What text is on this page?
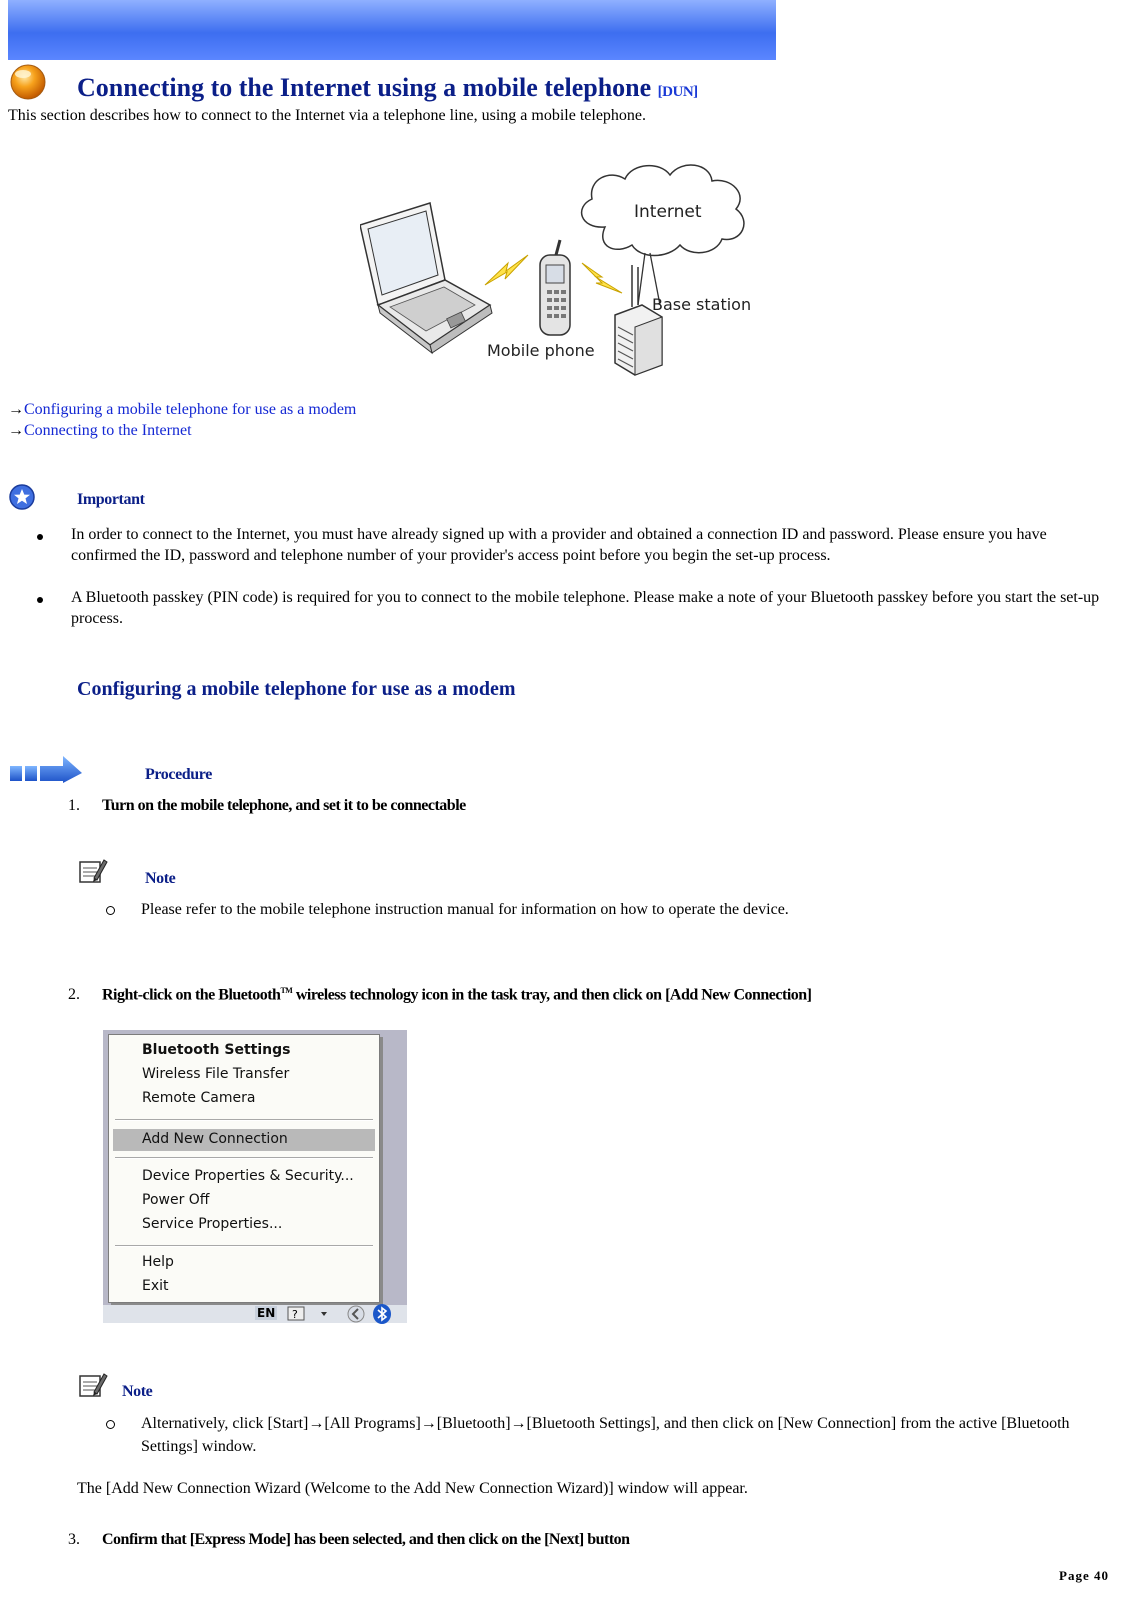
Connecting to the Internet using a mobile telephone [DUN]
This section describes how to connect to the Internet via a telephone line, using a mobile telephone.
Internet
Base station
Mobile phone
→Configuring a mobile telephone for use as a modem
→Connecting to the Internet
Important
In order to connect to the Internet, you must have already signed up with a provider and obtained a connection ID and password. Please ensure you have confirmed the ID, password and telephone number of your provider's access point before you begin the set-up process.
A Bluetooth passkey (PIN code) is required for you to connect to the mobile telephone. Please make a note of your Bluetooth passkey before you start the set-up process.
Configuring a mobile telephone for use as a modem
Procedure
1. Turn on the mobile telephone, and set it to be connectable
Note
Please refer to the mobile telephone instruction manual for information on how to operate the device.
2. Right-click on the Bluetooth™ wireless technology icon in the task tray, and then click on [Add New Connection]
Bluetooth Settings
Wireless File Transfer
Remote Camera
Add New Connection
Device Properties & Security...
Power Off
Service Properties...
Help
Exit
EN ?
Note
Alternatively, click [Start]→[All Programs]→[Bluetooth]→[Bluetooth Settings], and then click on [New Connection] from the active [Bluetooth Settings] window.
The [Add New Connection Wizard (Welcome to the Add New Connection Wizard)] window will appear.
3. Confirm that [Express Mode] has been selected, and then click on the [Next] button
Page 40
